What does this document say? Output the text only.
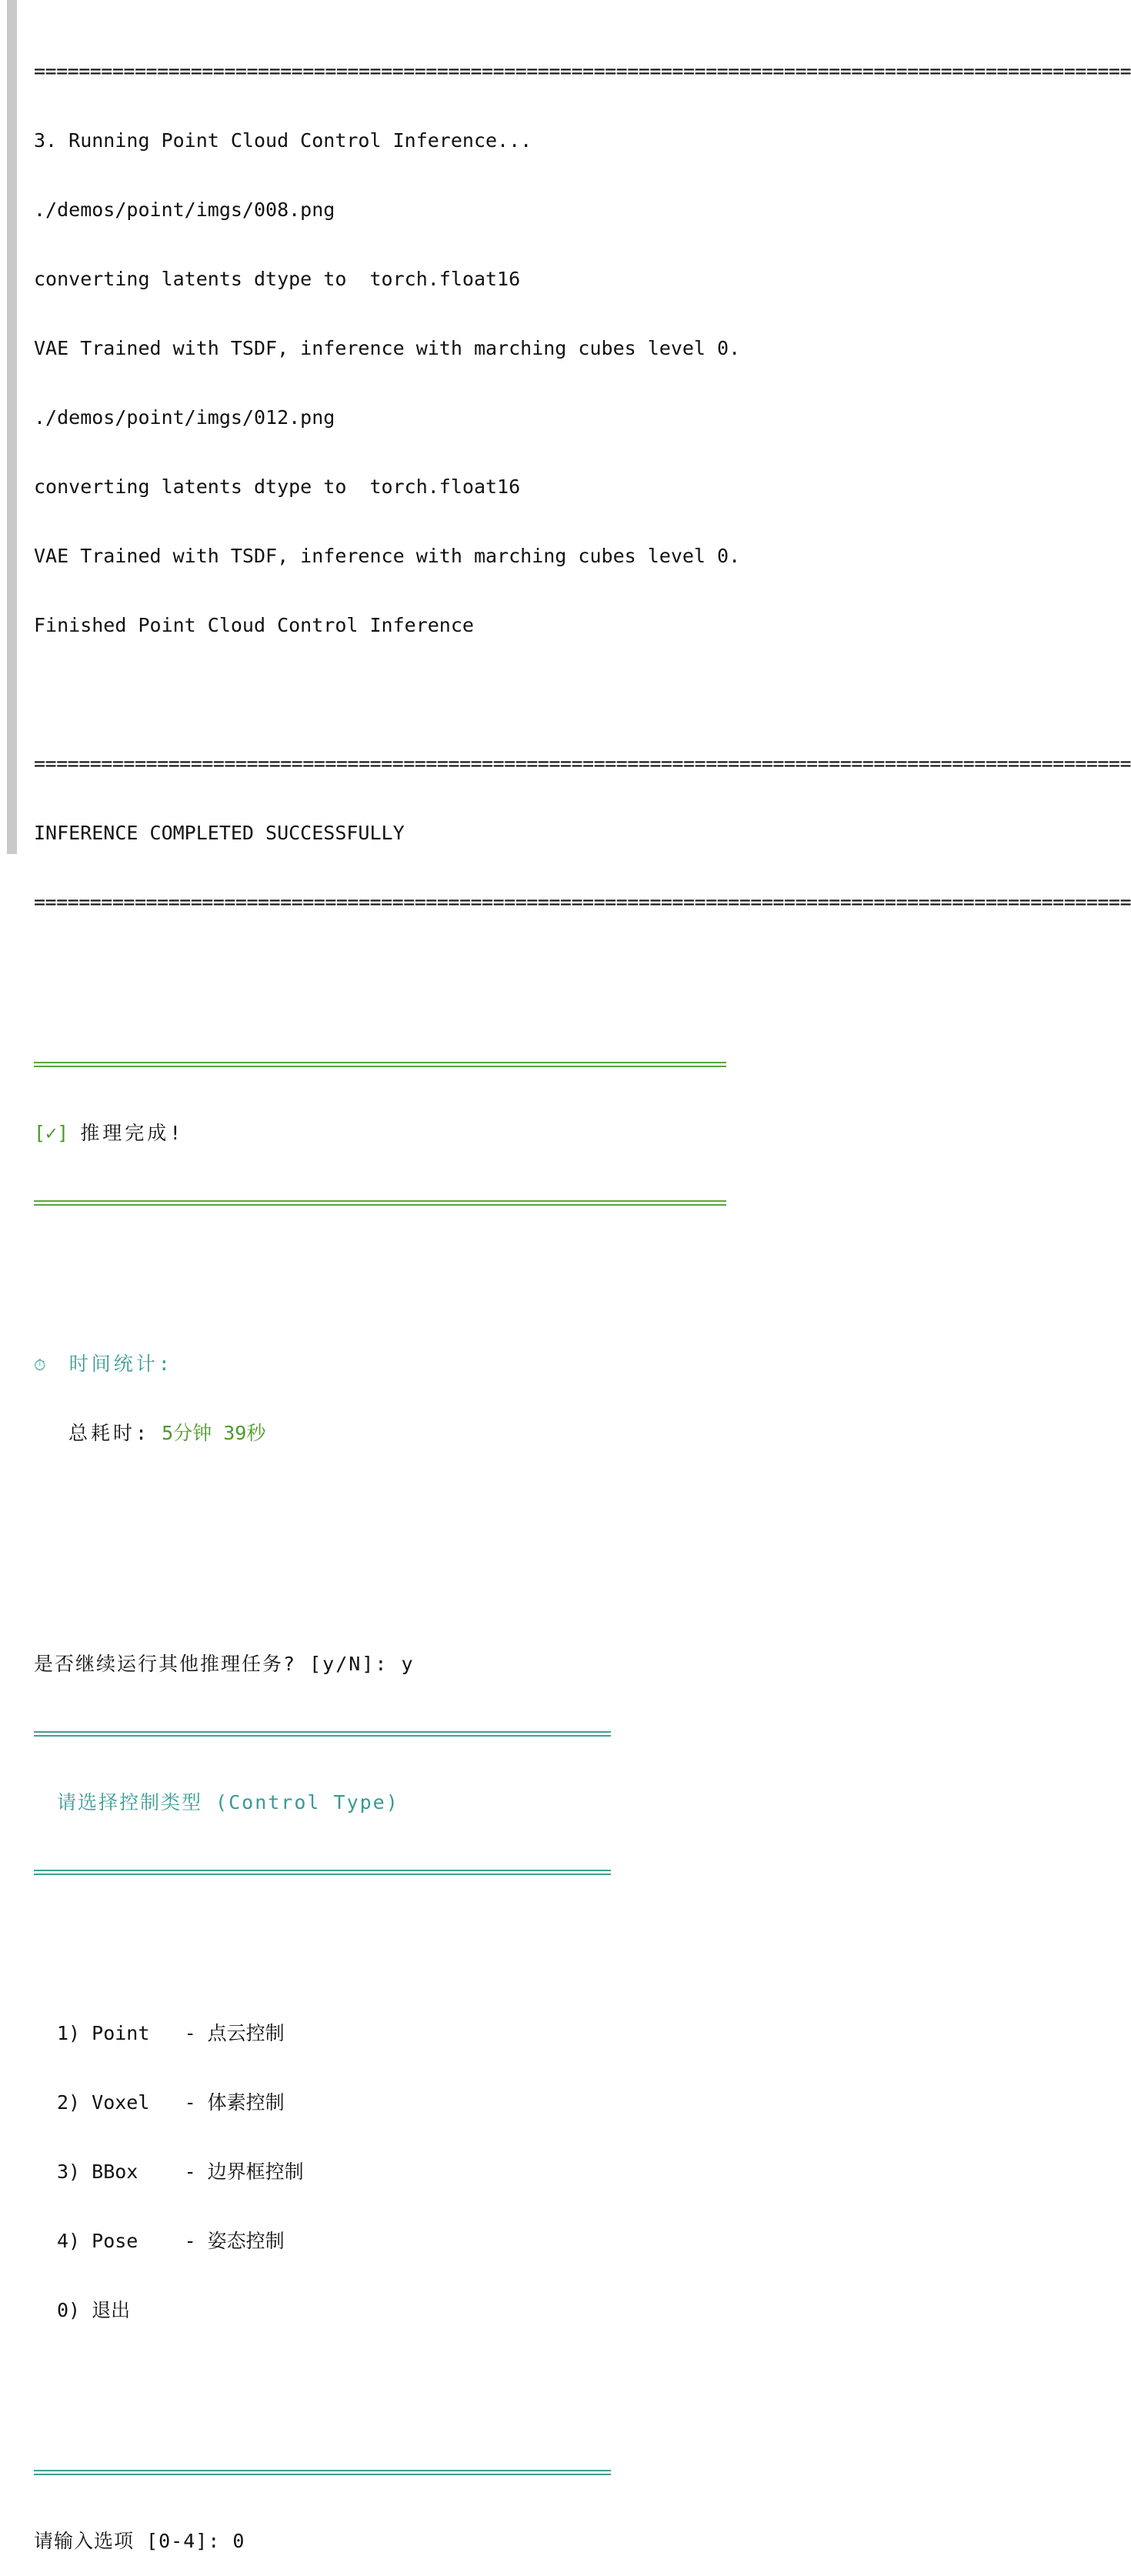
==================================================================================================

3. Running Point Cloud Control Inference...

./demos/point/imgs/008.png

converting latents dtype to  torch.float16

VAE Trained with TSDF, inference with marching cubes level 0.

./demos/point/imgs/012.png

converting latents dtype to  torch.float16

VAE Trained with TSDF, inference with marching cubes level 0.

Finished Point Cloud Control Inference

==================================================================================================

INFERENCE COMPLETED SUCCESSFULLY

==================================================================================================

[✓] 推理完成!

⏱ 时间统计:

总耗时: 5分钟 39秒

是否继续运行其他推理任务? [y/N]: y

请选择控制类型 (Control Type)

1) Point   - 点云控制

2) Voxel   - 体素控制

3) BBox    - 边界框控制

4) Pose    - 姿态控制

0) 退出

请输入选项 [0-4]: 0
